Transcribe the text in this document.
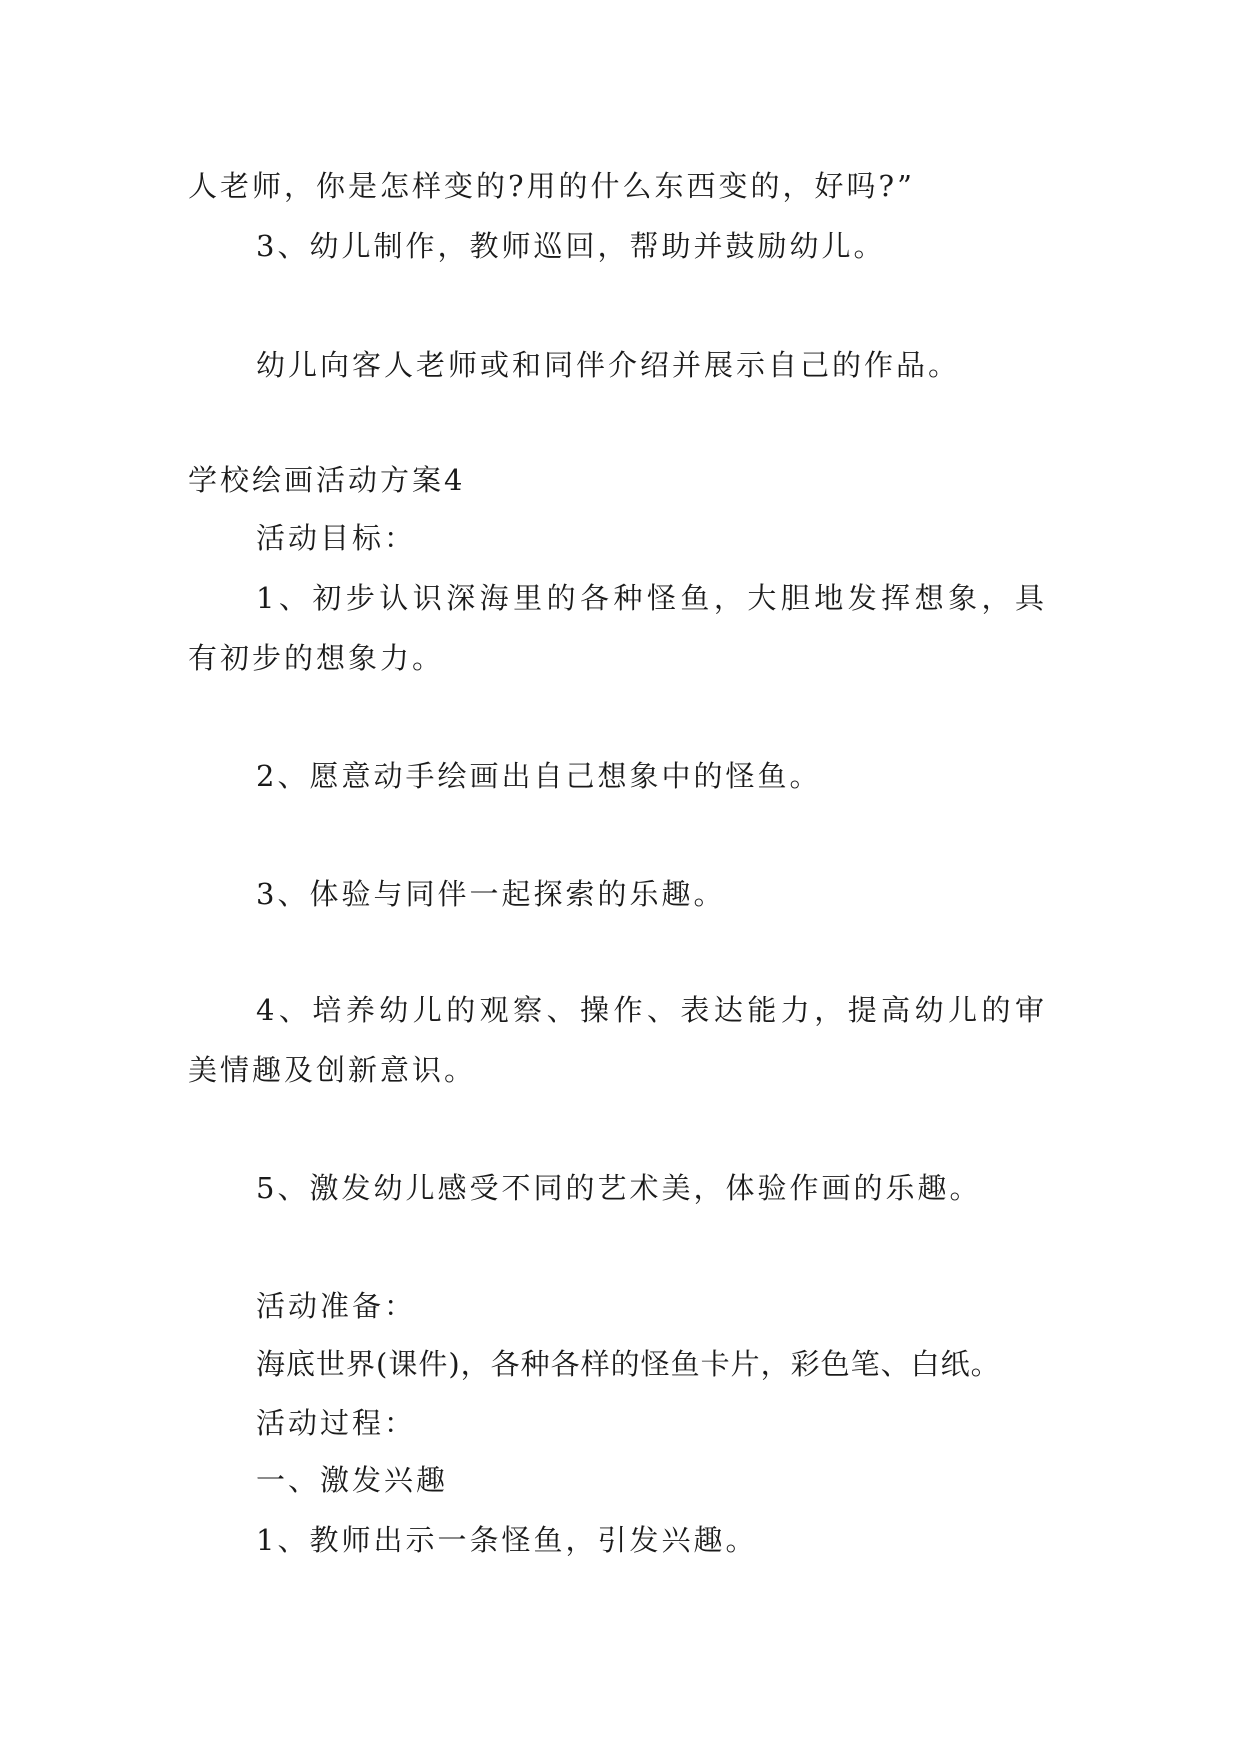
人老师，你是怎样变的?用的什么东西变的，好吗?”
3、幼儿制作，教师巡回，帮助并鼓励幼儿。
幼儿向客人老师或和同伴介绍并展示自己的作品。
学校绘画活动方案4
活动目标：
1、初步认识深海里的各种怪鱼，大胆地发挥想象，具
有初步的想象力。
2、愿意动手绘画出自己想象中的怪鱼。
3、体验与同伴一起探索的乐趣。
4、培养幼儿的观察、操作、表达能力，提高幼儿的审
美情趣及创新意识。
5、激发幼儿感受不同的艺术美，体验作画的乐趣。
活动准备：
海底世界(课件)，各种各样的怪鱼卡片，彩色笔、白纸。
活动过程：
一、激发兴趣
1、教师出示一条怪鱼，引发兴趣。
